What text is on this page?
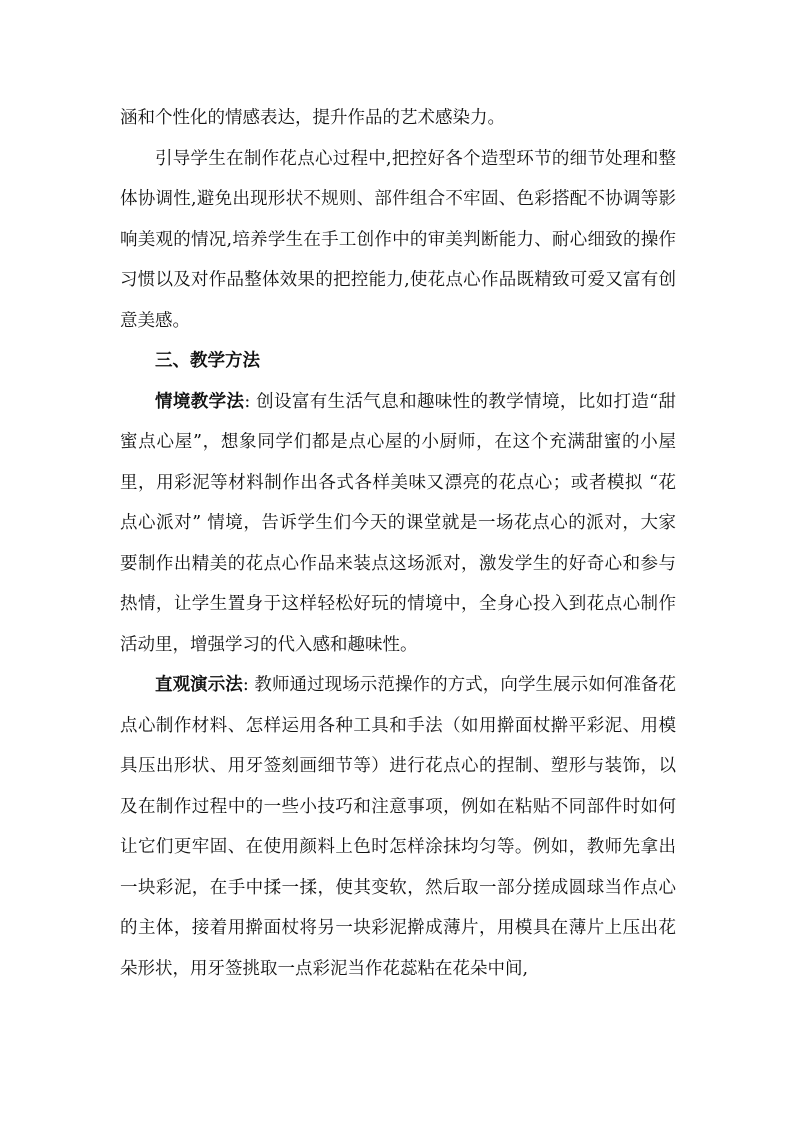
涵和个性化的情感表达，提升作品的艺术感染力。

引导学生在制作花点心过程中,把控好各个造型环节的细节处理和整体协调性,避免出现形状不规则、部件组合不牢固、色彩搭配不协调等影响美观的情况,培养学生在手工创作中的审美判断能力、耐心细致的操作习惯以及对作品整体效果的把控能力,使花点心作品既精致可爱又富有创意美感。

三、教学方法

情境教学法: 创设富有生活气息和趣味性的教学情境，比如打造“甜蜜点心屋”，想象同学们都是点心屋的小厨师，在这个充满甜蜜的小屋里，用彩泥等材料制作出各式各样美味又漂亮的花点心；或者模拟 “花点心派对” 情境，告诉学生们今天的课堂就是一场花点心的派对，大家要制作出精美的花点心作品来装点这场派对，激发学生的好奇心和参与热情，让学生置身于这样轻松好玩的情境中，全身心投入到花点心制作活动里，增强学习的代入感和趣味性。

直观演示法: 教师通过现场示范操作的方式，向学生展示如何准备花点心制作材料、怎样运用各种工具和手法（如用擀面杖擀平彩泥、用模具压出形状、用牙签刻画细节等）进行花点心的捏制、塑形与装饰，以及在制作过程中的一些小技巧和注意事项，例如在粘贴不同部件时如何让它们更牢固、在使用颜料上色时怎样涂抹均匀等。例如，教师先拿出一块彩泥，在手中揉一揉，使其变软，然后取一部分搓成圆球当作点心的主体，接着用擀面杖将另一块彩泥擀成薄片，用模具在薄片上压出花朵形状，用牙签挑取一点彩泥当作花蕊粘在花朵中间,
